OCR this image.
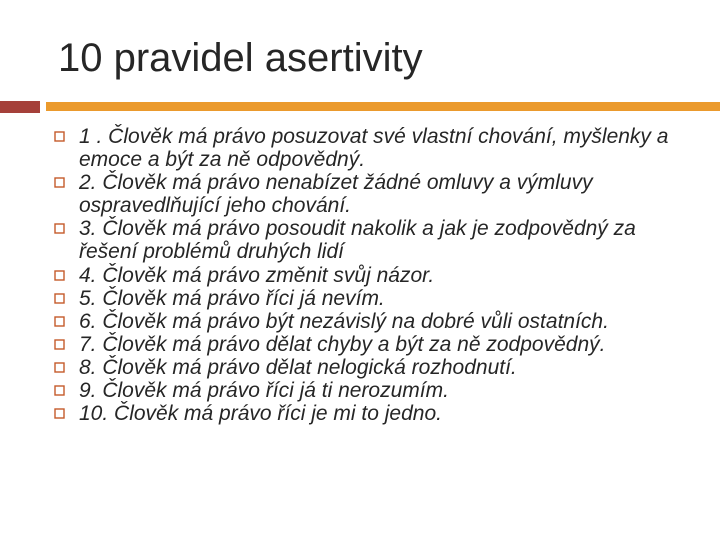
10 pravidel asertivity
1 . Člověk má právo posuzovat své vlastní chování, myšlenky a emoce a být za ně odpovědný.
2. Člověk má právo nenabízet žádné omluvy a výmluvy ospravedlňující jeho chování.
3. Člověk má právo posoudit nakolik a jak je zodpovědný za řešení problémů druhých lidí
4. Člověk má právo změnit svůj názor.
5. Člověk má právo říci já nevím.
6. Člověk má právo být nezávislý na dobré vůli ostatních.
7. Člověk má právo dělat chyby a být za ně zodpovědný.
8. Člověk má právo dělat nelogická rozhodnutí.
9. Člověk má právo říci já ti nerozumím.
10. Člověk má právo říci je mi to jedno.
